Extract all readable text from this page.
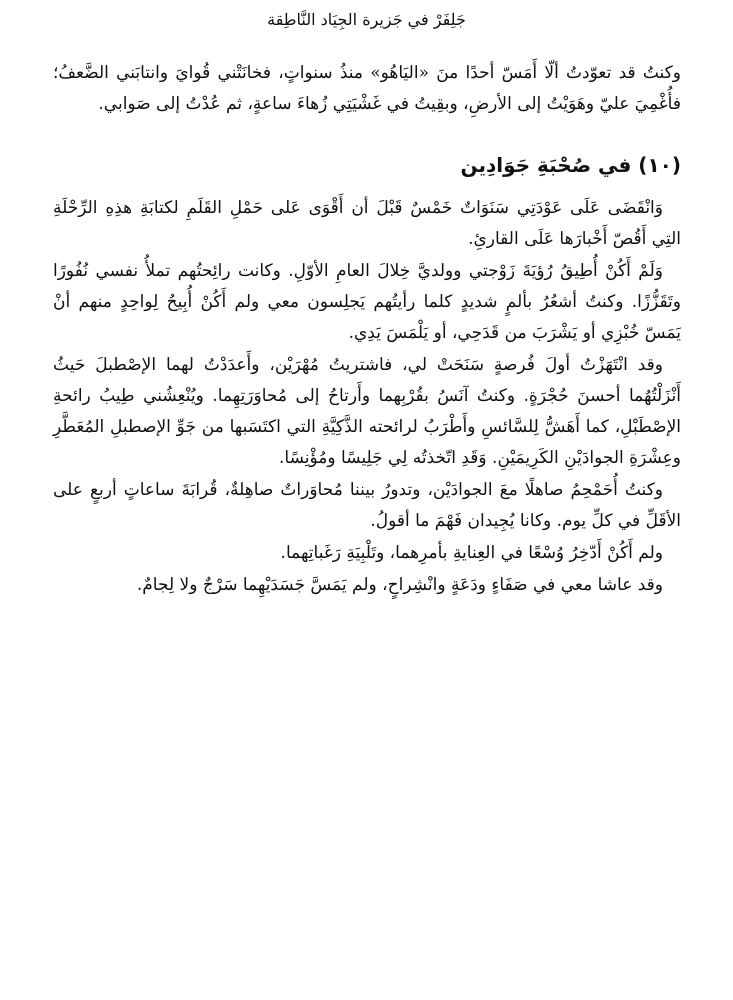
جَلِفَرْ في جَزيرة الجِيَاد النَّاطِقة

وكنتُ قد تعوّدتُ ألّا أَمَسّ أحدًا منَ «اليَاهُو» منذُ سنواتٍ، فخانَتْني قُوايَ وانتابَني الضَّعفُ؛ فأُغْمِيَ عليّ وهَوَيْتُ إلى الأرضِ، وبقِيتُ في غَشْيَتِي زُهاءَ ساعةٍ، ثم عُدْتُ إلى صَوابي.

(١٠) في صُحْبَةِ جَوَادِين

وَانْقَضَى عَلَى عَوْدَتِي سَنَوَاتٌ خَمْسٌ قَبْلَ أن أَقْوَى عَلى حَمْلِ القَلَمِ لكتابَةِ هذِهِ الرِّحْلَةِ التِي أَقُصّ أَخْبارَها عَلَى القارئِ.

وَلَمْ أَكُنْ أُطِيقُ رُؤيَةَ زَوْجتي وولديَّ خِلالَ العامِ الأوّلِ. وكانت رائِحتُهم تملأُ نفسي نُفُورًا وتَقَزُّزًا. وكنتُ أشعُرُ بألمٍ شديدٍ كلما رأيتُهم يَجلِسون معي ولم أَكُنْ أُبِيحُ لِواحِدٍ منهم أنْ يَمَسّ خُبْزِي أو يَشْرَبَ من قَدَحِي، أو يَلْمَسَ يَدِي.

وقد انْتَهَزْتُ أولَ فُرصةٍ سَنَحَتْ لي، فاشتريتُ مُهْرَيْن، وأَعدَدْتُ لهما الإصْطبلَ حَيثُ أَنْزَلْتُهُما أحسنَ حُجْرَةٍ. وكنتُ آنَسُ بقُرْبِهما وأَرتاحُ إلى مُحاوَرَتِهِما. ويُنْعِشُني طِيبُ رائحةِ الإصْطَبْلِ، كما أَهَشُّ لِلسَّائسِ وأَطْرَبُ لرائحته الذَّكِيَّةِ التي اكتَسَبها من جَوِّ الإصطبلِ المُعَطَّرِ وعِشْرَةِ الجوادَيْنِ الكَرِيمَيْنِ. وَقَدِ اتّخذتُه لِي جَلِيسًا ومُؤْنِسًا.

وكنتُ أُحَمْحِمُ صاهلًا معَ الجوادَيْن، وتدورُ بيننا مُحاوَراتٌ صاهِلةٌ، قُرابَةَ ساعاتٍ أربعٍ على الأقَلِّ في كلِّ يوم. وكانا يُجِيدان فَهْمَ ما أقولُ.

ولم أَكُنْ أَدّخِرُ وُسْعًا في العِنايةِ بأمرِهما، وتَلْبِيَةِ رَغَباتِهما.

وقد عاشا معي في صَفَاءٍ ودَعَةٍ وانْشِراحٍ، ولم يَمَسَّ جَسَدَيْهِما سَرْجٌ ولا لِجامٌ.
